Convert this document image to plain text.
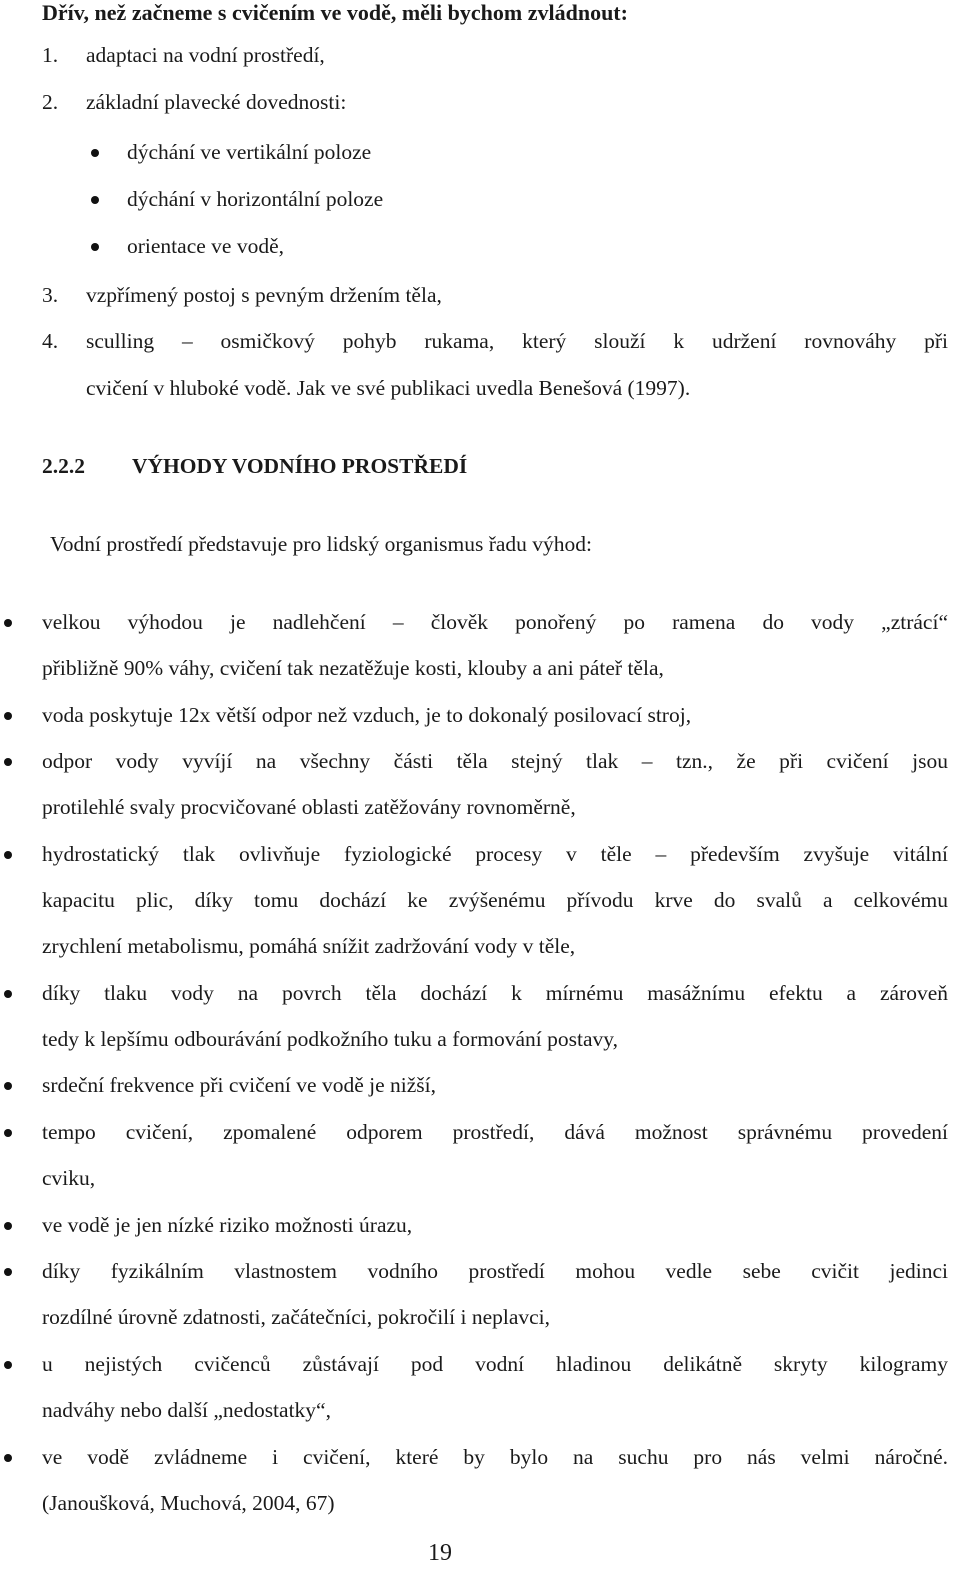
Dřív, než začneme s cvičením ve vodě, měli bychom zvládnout:
1. adaptaci na vodní prostředí,
2. základní plavecké dovednosti:
dýchání ve vertikální poloze
dýchání v horizontální poloze
orientace ve vodě,
3. vzpřímený postoj s pevným držením těla,
4. sculling – osmičkový pohyb rukama, který slouží k udržení rovnováhy při
cvičení v hluboké vodě. Jak ve své publikaci uvedla Benešová (1997).
2.2.2 VÝHODY VODNÍHO PROSTŘEDÍ
Vodní prostředí představuje pro lidský organismus řadu výhod:
velkou výhodou je nadlehčení – člověk ponořený po ramena do vody „ztrácí“
přibližně 90% váhy, cvičení tak nezatěžuje kosti, klouby a ani páteř těla,
voda poskytuje 12x větší odpor než vzduch, je to dokonalý posilovací stroj,
odpor vody vyvíjí na všechny části těla stejný tlak – tzn., že při cvičení jsou
protilehlé svaly procvičované oblasti zatěžovány rovnoměrně,
hydrostatický tlak ovlivňuje fyziologické procesy v těle – především zvyšuje vitální
kapacitu plic, díky tomu dochází ke zvýšenému přívodu krve do svalů a celkovému
zrychlení metabolismu, pomáhá snížit zadržování vody v těle,
díky tlaku vody na povrch těla dochází k mírnému masážnímu efektu a zároveň
tedy k lepšímu odbourávání podkožního tuku a formování postavy,
srdeční frekvence při cvičení ve vodě je nižší,
tempo cvičení, zpomalené odporem prostředí, dává možnost správnému provedení
cviku,
ve vodě je jen nízké riziko možnosti úrazu,
díky fyzikálním vlastnostem vodního prostředí mohou vedle sebe cvičit jedinci
rozdílné úrovně zdatnosti, začátečníci, pokročilí i neplavci,
u nejistých cvičenců zůstávají pod vodní hladinou delikátně skryty kilogramy
nadváhy nebo další „nedostatky“,
ve vodě zvládneme i cvičení, které by bylo na suchu pro nás velmi náročné.
(Janoušková, Muchová, 2004, 67)
19
